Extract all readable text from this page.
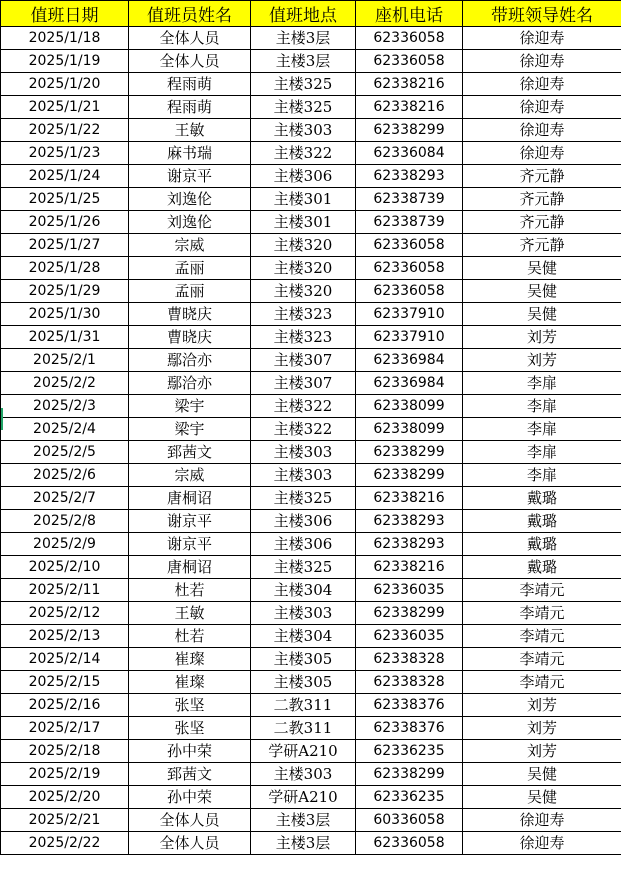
值班日期	值班员姓名	值班地点	座机电话	带班领导姓名
2025/1/18	全体人员	主楼3层	62336058	徐迎寿
2025/1/19	全体人员	主楼3层	62336058	徐迎寿
2025/1/20	程雨萌	主楼325	62338216	徐迎寿
2025/1/21	程雨萌	主楼325	62338216	徐迎寿
2025/1/22	王敏	主楼303	62338299	徐迎寿
2025/1/23	麻书瑞	主楼322	62336084	徐迎寿
2025/1/24	谢京平	主楼306	62338293	齐元静
2025/1/25	刘逸伦	主楼301	62338739	齐元静
2025/1/26	刘逸伦	主楼301	62338739	齐元静
2025/1/27	宗威	主楼320	62336058	齐元静
2025/1/28	孟丽	主楼320	62336058	吴健
2025/1/29	孟丽	主楼320	62336058	吴健
2025/1/30	曹晓庆	主楼323	62337910	吴健
2025/1/31	曹晓庆	主楼323	62337910	刘芳
2025/2/1	鄢洽亦	主楼307	62336984	刘芳
2025/2/2	鄢洽亦	主楼307	62336984	李扉
2025/2/3	梁宇	主楼322	62338099	李扉
2025/2/4	梁宇	主楼322	62338099	李扉
2025/2/5	郅茜文	主楼303	62338299	李扉
2025/2/6	宗威	主楼303	62338299	李扉
2025/2/7	唐桐诏	主楼325	62338216	戴璐
2025/2/8	谢京平	主楼306	62338293	戴璐
2025/2/9	谢京平	主楼306	62338293	戴璐
2025/2/10	唐桐诏	主楼325	62338216	戴璐
2025/2/11	杜若	主楼304	62336035	李靖元
2025/2/12	王敏	主楼303	62338299	李靖元
2025/2/13	杜若	主楼304	62336035	李靖元
2025/2/14	崔璨	主楼305	62338328	李靖元
2025/2/15	崔璨	主楼305	62338328	李靖元
2025/2/16	张坚	二教311	62338376	刘芳
2025/2/17	张坚	二教311	62338376	刘芳
2025/2/18	孙中荣	学研A210	62336235	刘芳
2025/2/19	郅茜文	主楼303	62338299	吴健
2025/2/20	孙中荣	学研A210	62336235	吴健
2025/2/21	全体人员	主楼3层	60336058	徐迎寿
2025/2/22	全体人员	主楼3层	62336058	徐迎寿
